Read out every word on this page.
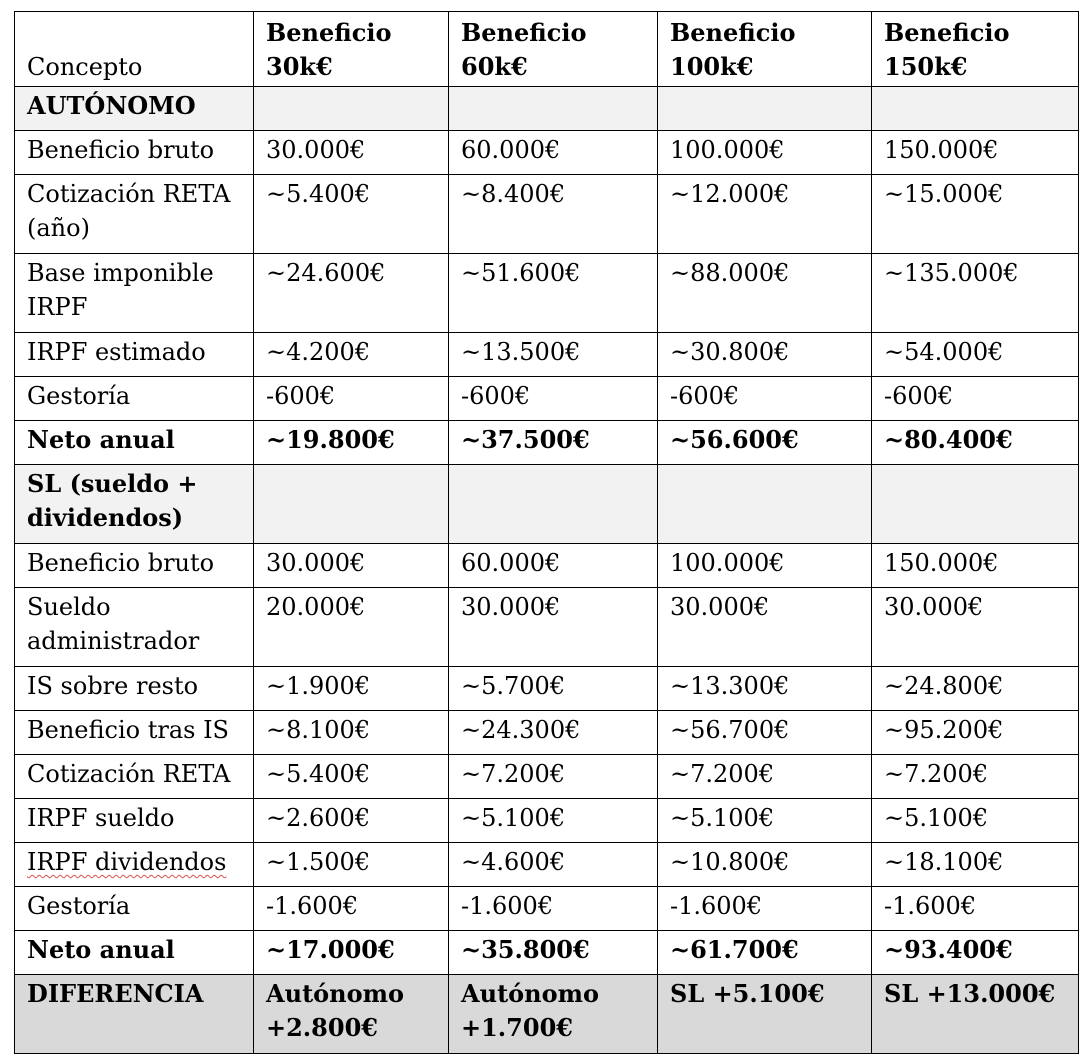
Concepto	Beneficio 30k€	Beneficio 60k€	Beneficio 100k€	Beneficio 150k€
AUTÓNOMO				
Beneficio bruto	30.000€	60.000€	100.000€	150.000€
Cotización RETA (año)	~5.400€	~8.400€	~12.000€	~15.000€
Base imponible IRPF	~24.600€	~51.600€	~88.000€	~135.000€
IRPF estimado	~4.200€	~13.500€	~30.800€	~54.000€
Gestoría	-600€	-600€	-600€	-600€
Neto anual	~19.800€	~37.500€	~56.600€	~80.400€
SL (sueldo + dividendos)				
Beneficio bruto	30.000€	60.000€	100.000€	150.000€
Sueldo administrador	20.000€	30.000€	30.000€	30.000€
IS sobre resto	~1.900€	~5.700€	~13.300€	~24.800€
Beneficio tras IS	~8.100€	~24.300€	~56.700€	~95.200€
Cotización RETA	~5.400€	~7.200€	~7.200€	~7.200€
IRPF sueldo	~2.600€	~5.100€	~5.100€	~5.100€
IRPF dividendos	~1.500€	~4.600€	~10.800€	~18.100€
Gestoría	-1.600€	-1.600€	-1.600€	-1.600€
Neto anual	~17.000€	~35.800€	~61.700€	~93.400€
DIFERENCIA	Autónomo +2.800€	Autónomo +1.700€	SL +5.100€	SL +13.000€
